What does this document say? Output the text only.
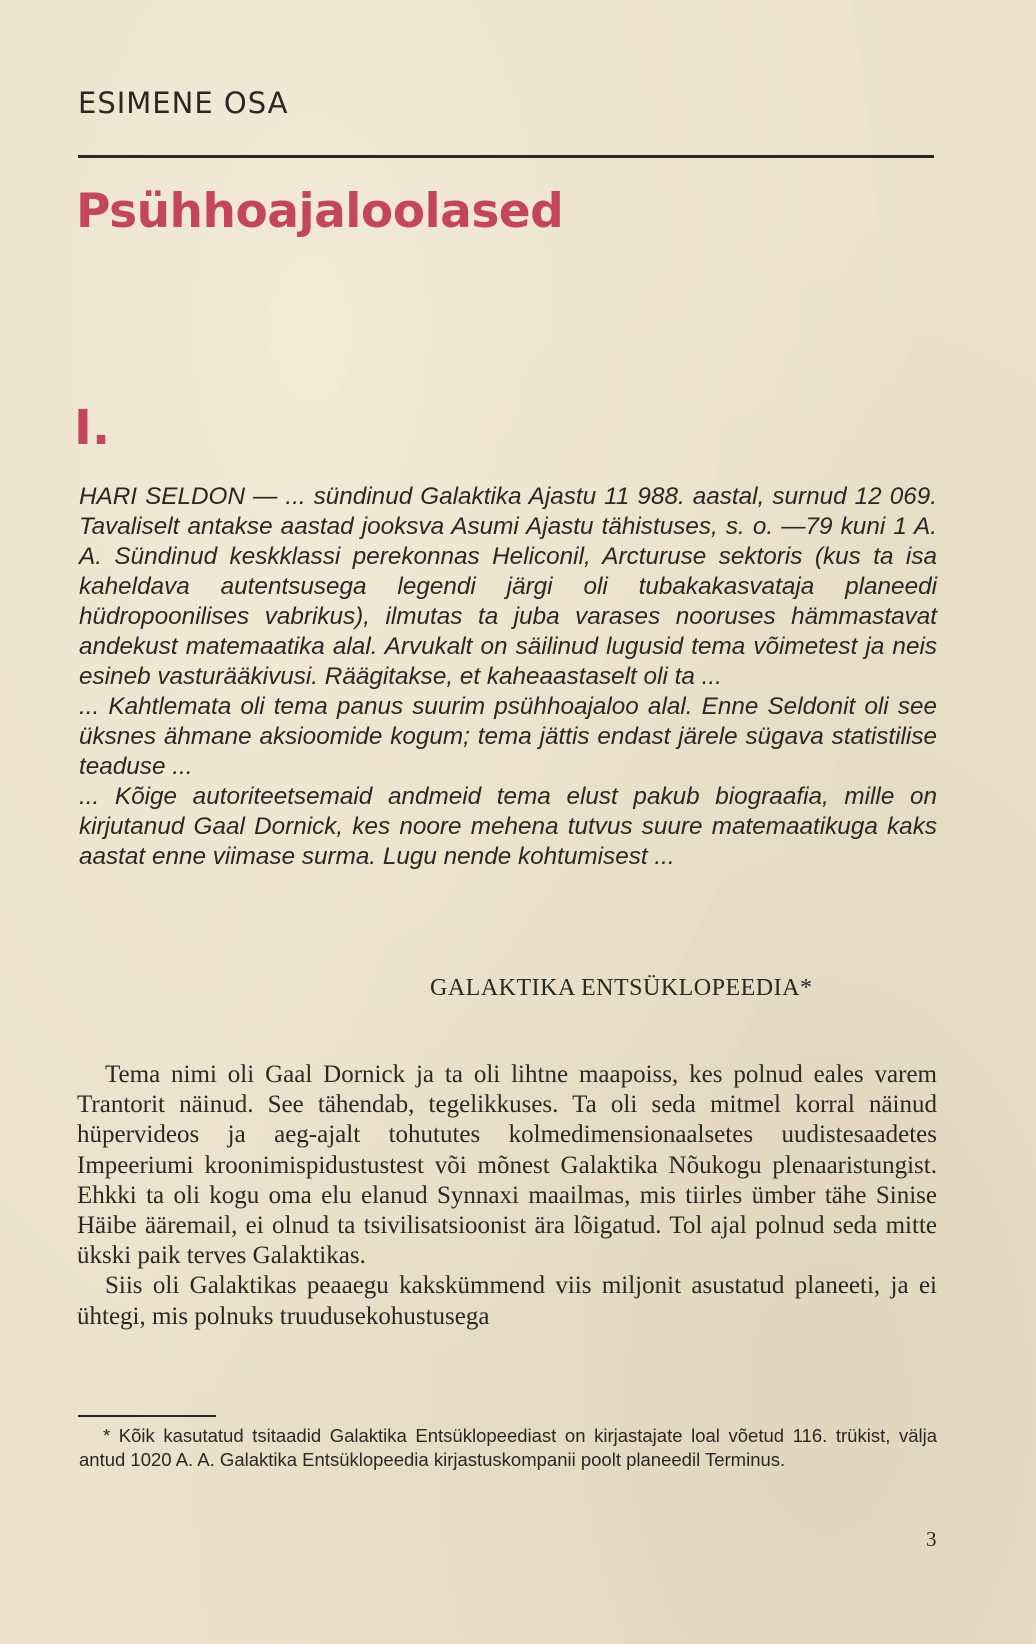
ESIMENE OSA
Psühhoajaloolased
I.

HARI SELDON — ... sündinud Galaktika Ajastu 11 988. aastal, surnud 12 069. Tavaliselt antakse aastad jooksva Asumi Ajastu tähistuses, s. o. —79 kuni 1 A. A. Sündinud keskklassi perekonnas Heliconil, Arcturuse sektoris (kus ta isa kaheldava autentsusega legendi järgi oli tubakakasvataja planeedi hüdropoonilises vabrikus), ilmutas ta juba varases nooruses hämmastavat andekust matemaatika alal. Arvukalt on säilinud lugusid tema võimetest ja neis esineb vasturääkivusi. Räägitakse, et kaheaastaselt oli ta ...

... Kahtlemata oli tema panus suurim psühhoajaloo alal. Enne Seldonit oli see üksnes ähmane aksioomide kogum; tema jättis endast järele sügava statistilise teaduse ...

... Kõige autoriteetsemaid andmeid tema elust pakub biograafia, mille on kirjutanud Gaal Dornick, kes noore mehena tutvus suure matemaatikuga kaks aastat enne viimase surma. Lugu nende kohtumisest ...

GALAKTIKA ENTSÜKLOPEEDIA*

Tema nimi oli Gaal Dornick ja ta oli lihtne maapoiss, kes polnud eales varem Trantorit näinud. See tähendab, tegelikkuses. Ta oli seda mitmel korral näinud hüpervideos ja aeg-ajalt tohututes kolmedimensionaalsetes uudistesaadetes Impeeriumi kroonimispidustustest või mõnest Galaktika Nõukogu plenaaristungist. Ehkki ta oli kogu oma elu elanud Synnaxi maailmas, mis tiirles ümber tähe Sinise Häibe ääremail, ei olnud ta tsivilisatsioonist ära lõigatud. Tol ajal polnud seda mitte ükski paik terves Galaktikas.

Siis oli Galaktikas peaaegu kakskümmend viis miljonit asustatud planeeti, ja ei ühtegi, mis polnuks truudusekohustusega

* Kõik kasutatud tsitaadid Galaktika Entsüklopeediast on kirjastajate loal võetud 116. trükist, välja antud 1020 A. A. Galaktika Entsüklopeedia kirjastuskompanii poolt planeedil Terminus.

3
